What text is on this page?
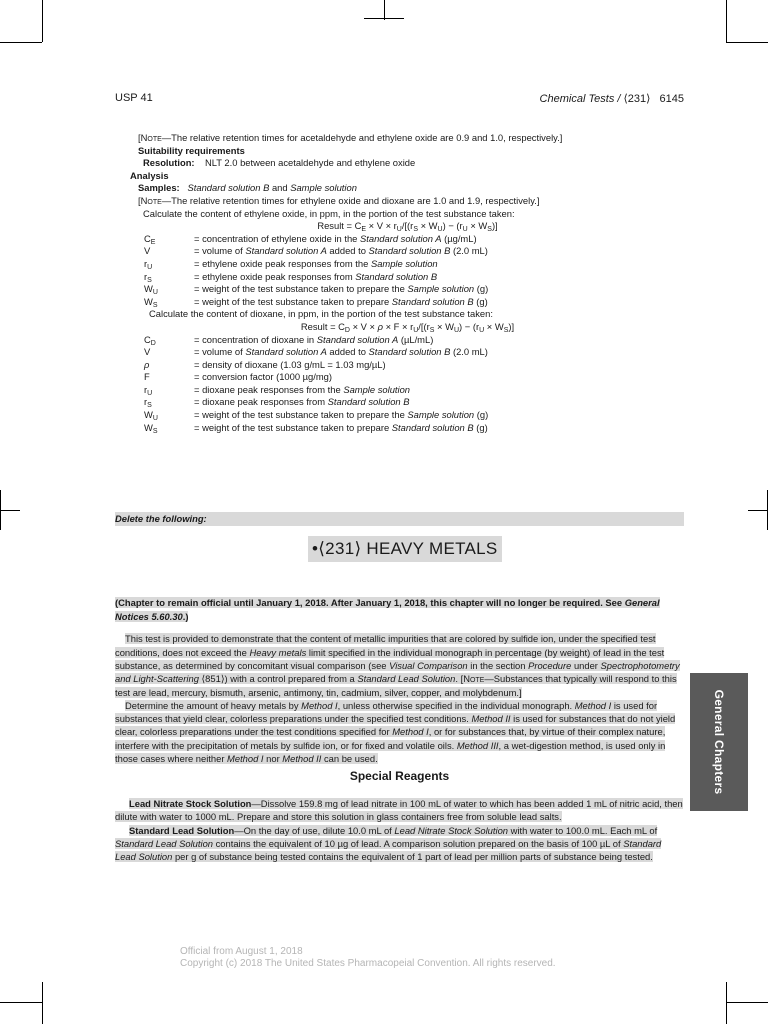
USP 41	Chemical Tests / ⟨231⟩ 6145

[Note—The relative retention times for acetaldehyde and ethylene oxide are 0.9 and 1.0, respectively.]

Suitability requirements

Resolution: NLT 2.0 between acetaldehyde and ethylene oxide

Analysis

Samples: Standard solution B and Sample solution

[Note—The relative retention times for ethylene oxide and dioxane are 1.0 and 1.9, respectively.]

Calculate the content of ethylene oxide, in ppm, in the portion of the test substance taken:

Result = $C_E \times V \times r_U/[(r_S \times W_U) - (r_U \times W_S)]$

$C_E$	= concentration of ethylene oxide in the Standard solution A (µg/mL)
V	= volume of Standard solution A added to Standard solution B (2.0 mL)
$r_U$	= ethylene oxide peak responses from the Sample solution
$r_S$	= ethylene oxide peak responses from Standard solution B
$W_U$	= weight of the test substance taken to prepare the Sample solution (g)
$W_S$	= weight of the test substance taken to prepare Standard solution B (g)

Calculate the content of dioxane, in ppm, in the portion of the test substance taken:

Result = $C_D \times V \times \rho \times F \times r_U/[(r_S \times W_U) - (r_U \times W_S)]$

$C_D$	= concentration of dioxane in Standard solution A (µL/mL)
V	= volume of Standard solution A added to Standard solution B (2.0 mL)
ρ	= density of dioxane (1.03 g/mL = 1.03 mg/µL)
F	= conversion factor (1000 µg/mg)
$r_U$	= dioxane peak responses from the Sample solution
$r_S$	= dioxane peak responses from Standard solution B
$W_U$	= weight of the test substance taken to prepare the Sample solution (g)
$W_S$	= weight of the test substance taken to prepare Standard solution B (g)
Delete the following:
•⟨231⟩ HEAVY METALS

(Chapter to remain official until January 1, 2018. After January 1, 2018, this chapter will no longer be required. See General Notices 5.60.30.)

This test is provided to demonstrate that the content of metallic impurities that are colored by sulfide ion, under the specified test conditions, does not exceed the Heavy metals limit specified in the individual monograph in percentage (by weight) of lead in the test substance, as determined by concomitant visual comparison (see Visual Comparison in the section Procedure under Spectrophotometry and Light-Scattering ⟨851⟩) with a control prepared from a Standard Lead Solution. [Note—Substances that typically will respond to this test are lead, mercury, bismuth, arsenic, antimony, tin, cadmium, silver, copper, and molybdenum.]

Determine the amount of heavy metals by Method I, unless otherwise specified in the individual monograph. Method I is used for substances that yield clear, colorless preparations under the specified test conditions. Method II is used for substances that do not yield clear, colorless preparations under the test conditions specified for Method I, or for substances that, by virtue of their complex nature, interfere with the precipitation of metals by sulfide ion, or for fixed and volatile oils. Method III, a wet-digestion method, is used only in those cases where neither Method I nor Method II can be used.

Special Reagents

Lead Nitrate Stock Solution—Dissolve 159.8 mg of lead nitrate in 100 mL of water to which has been added 1 mL of nitric acid, then dilute with water to 1000 mL. Prepare and store this solution in glass containers free from soluble lead salts.

Standard Lead Solution—On the day of use, dilute 10.0 mL of Lead Nitrate Stock Solution with water to 100.0 mL. Each mL of Standard Lead Solution contains the equivalent of 10 µg of lead. A comparison solution prepared on the basis of 100 µL of Standard Lead Solution per g of substance being tested contains the equivalent of 1 part of lead per million parts of substance being tested.

General Chapters
Official from August 1, 2018
Copyright (c) 2018 The United States Pharmacopeial Convention. All rights reserved.
